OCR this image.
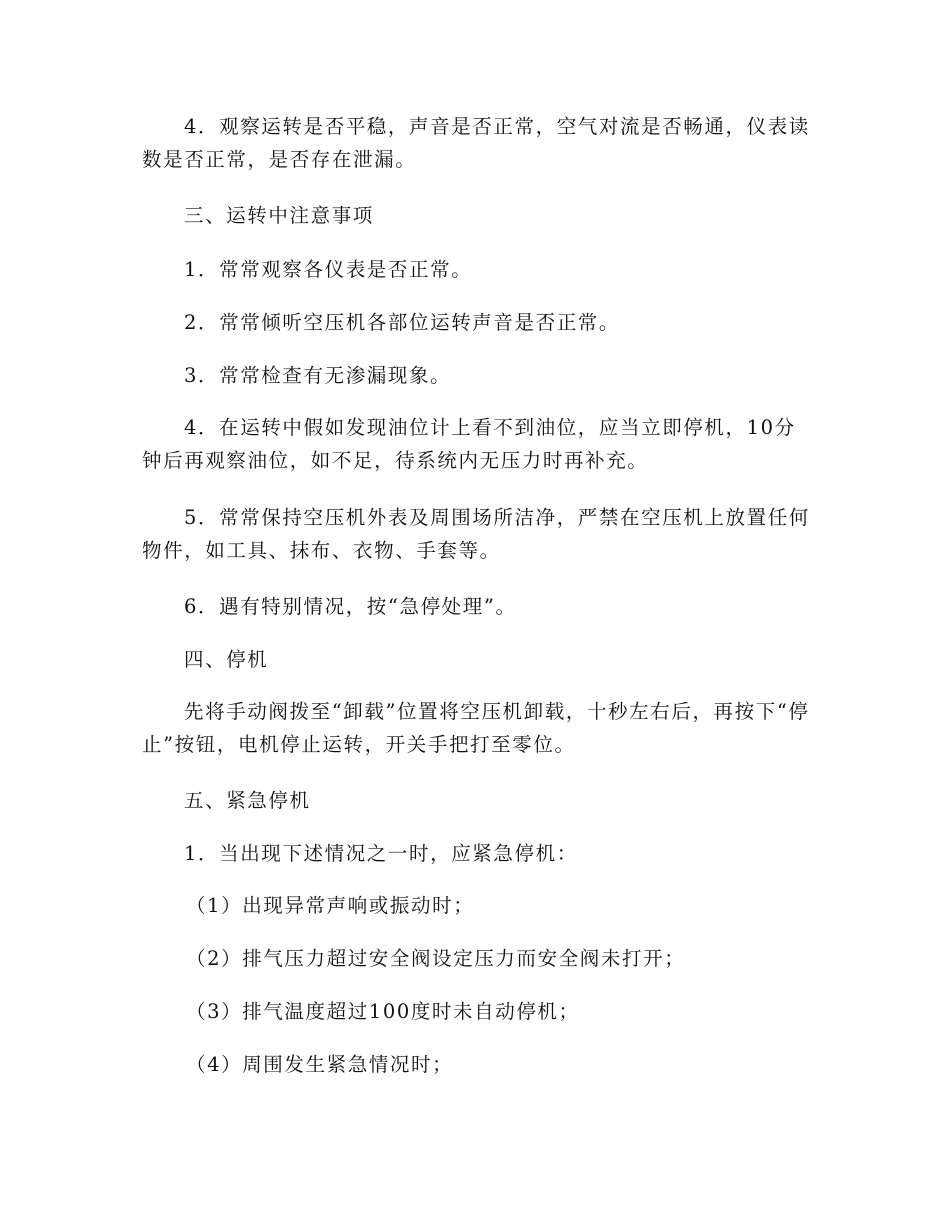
4．观察运转是否平稳，声音是否正常，空气对流是否畅通，仪表读数是否正常，是否存在泄漏。

三、运转中注意事项

1．常常观察各仪表是否正常。

2．常常倾听空压机各部位运转声音是否正常。

3．常常检查有无渗漏现象。

4．在运转中假如发现油位计上看不到油位，应当立即停机，10分钟后再观察油位，如不足，待系统内无压力时再补充。

5．常常保持空压机外表及周围场所洁净，严禁在空压机上放置任何物件，如工具、抹布、衣物、手套等。

6．遇有特别情况，按“急停处理”。

四、停机

先将手动阀拨至“卸载”位置将空压机卸载，十秒左右后，再按下“停止”按钮，电机停止运转，开关手把打至零位。

五、紧急停机

1．当出现下述情况之一时，应紧急停机：

（1）出现异常声响或振动时；

（2）排气压力超过安全阀设定压力而安全阀未打开；

（3）排气温度超过100度时未自动停机；

（4）周围发生紧急情况时；
